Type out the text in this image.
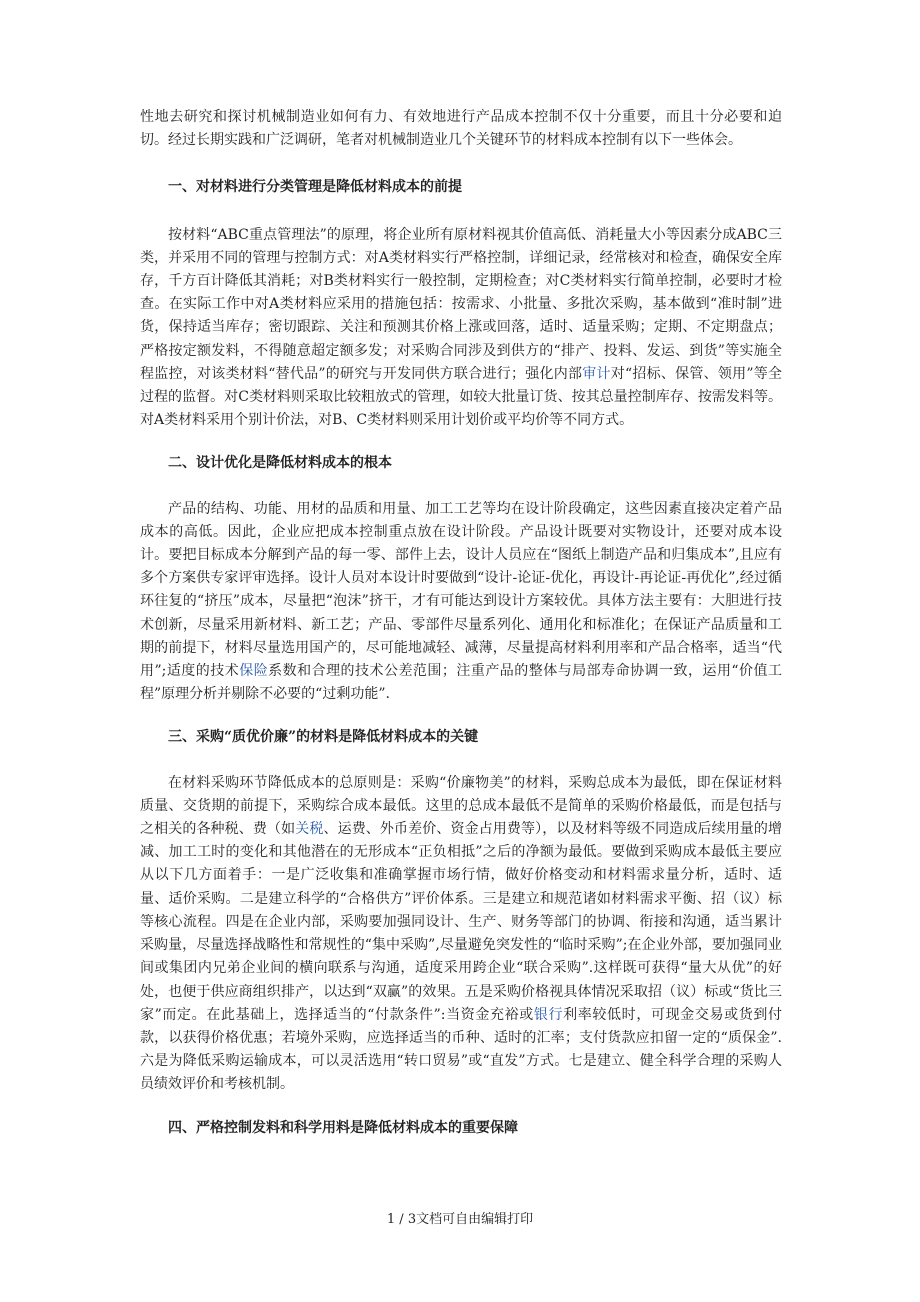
性地去研究和探讨机械制造业如何有力、有效地进行产品成本控制不仅十分重要，而且十分必要和迫切。经过长期实践和广泛调研，笔者对机械制造业几个关键环节的材料成本控制有以下一些体会。

一、对材料进行分类管理是降低材料成本的前提

按材料“ABC重点管理法”的原理，将企业所有原材料视其价值高低、消耗量大小等因素分成ABC三类，并采用不同的管理与控制方式：对A类材料实行严格控制，详细记录，经常核对和检查，确保安全库存，千方百计降低其消耗；对B类材料实行一般控制，定期检查；对C类材料实行简单控制，必要时才检查。在实际工作中对A类材料应采用的措施包括：按需求、小批量、多批次采购，基本做到“准时制”进货，保持适当库存；密切跟踪、关注和预测其价格上涨或回落，适时、适量采购；定期、不定期盘点；严格按定额发料，不得随意超定额多发；对采购合同涉及到供方的“排产、投料、发运、到货”等实施全程监控，对该类材料“替代品”的研究与开发同供方联合进行；强化内部审计对“招标、保管、领用”等全过程的监督。对C类材料则采取比较粗放式的管理，如较大批量订货、按其总量控制库存、按需发料等。对A类材料采用个别计价法，对B、C类材料则采用计划价或平均价等不同方式。

二、设计优化是降低材料成本的根本

产品的结构、功能、用材的品质和用量、加工工艺等均在设计阶段确定，这些因素直接决定着产品成本的高低。因此，企业应把成本控制重点放在设计阶段。产品设计既要对实物设计，还要对成本设计。要把目标成本分解到产品的每一零、部件上去，设计人员应在“图纸上制造产品和归集成本”,且应有多个方案供专家评审选择。设计人员对本设计时要做到“设计-论证-优化，再设计-再论证-再优化”,经过循环往复的“挤压”成本，尽量把“泡沫”挤干，才有可能达到设计方案较优。具体方法主要有：大胆进行技术创新，尽量采用新材料、新工艺；产品、零部件尽量系列化、通用化和标准化；在保证产品质量和工期的前提下，材料尽量选用国产的，尽可能地减轻、减薄，尽量提高材料利用率和产品合格率，适当“代用”;适度的技术保险系数和合理的技术公差范围；注重产品的整体与局部寿命协调一致，运用“价值工程”原理分析并剔除不必要的“过剩功能”.

三、采购“质优价廉”的材料是降低材料成本的关键

在材料采购环节降低成本的总原则是：采购“价廉物美”的材料，采购总成本为最低，即在保证材料质量、交货期的前提下，采购综合成本最低。这里的总成本最低不是简单的采购价格最低，而是包括与之相关的各种税、费（如关税、运费、外币差价、资金占用费等），以及材料等级不同造成后续用量的增减、加工工时的变化和其他潜在的无形成本“正负相抵”之后的净额为最低。要做到采购成本最低主要应从以下几方面着手：一是广泛收集和准确掌握市场行情，做好价格变动和材料需求量分析，适时、适量、适价采购。二是建立科学的“合格供方”评价体系。三是建立和规范诸如材料需求平衡、招（议）标等核心流程。四是在企业内部，采购要加强同设计、生产、财务等部门的协调、衔接和沟通，适当累计采购量，尽量选择战略性和常规性的“集中采购”,尽量避免突发性的“临时采购”;在企业外部，要加强同业间或集团内兄弟企业间的横向联系与沟通，适度采用跨企业“联合采购”.这样既可获得“量大从优”的好处，也便于供应商组织排产，以达到“双赢”的效果。五是采购价格视具体情况采取招（议）标或“货比三家”而定。在此基础上，选择适当的“付款条件”:当资金充裕或银行利率较低时，可现金交易或货到付款，以获得价格优惠；若境外采购，应选择适当的币种、适时的汇率；支付货款应扣留一定的“质保金”.六是为降低采购运输成本，可以灵活选用“转口贸易”或“直发”方式。七是建立、健全科学合理的采购人员绩效评价和考核机制。

四、严格控制发料和科学用料是降低材料成本的重要保障

1 / 3文档可自由编辑打印
